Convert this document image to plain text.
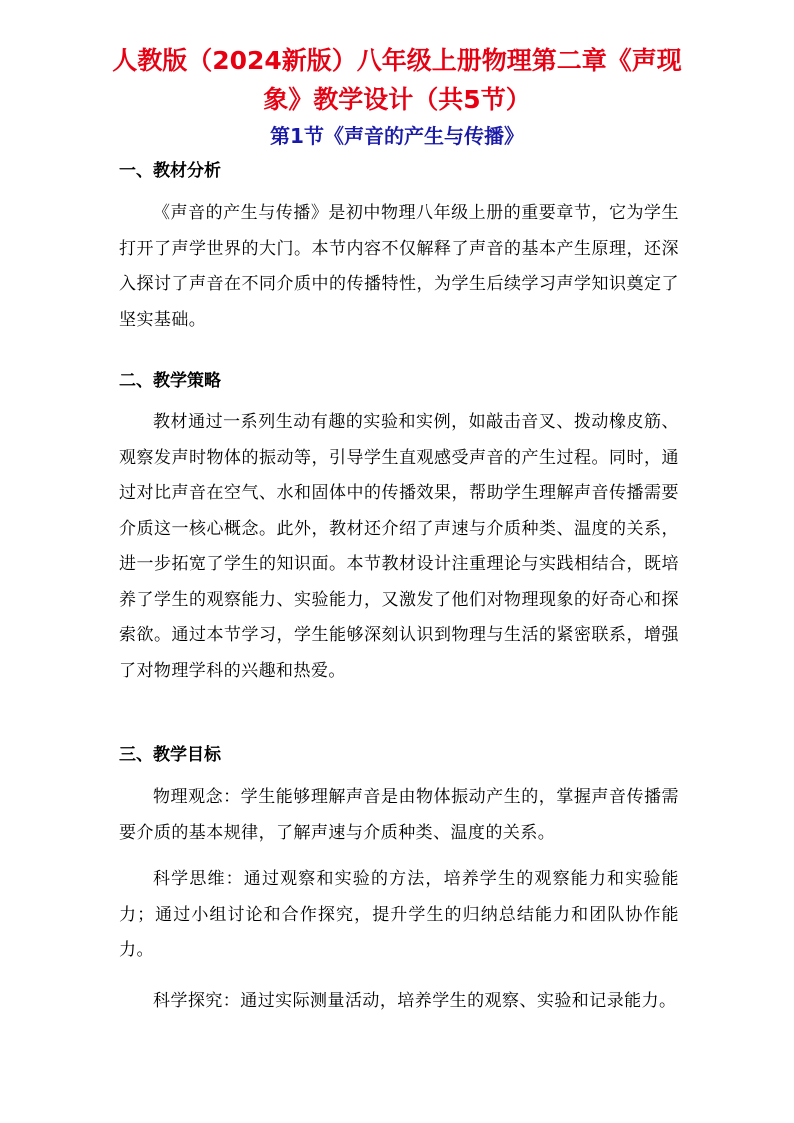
人教版（2024新版）八年级上册物理第二章《声现象》教学设计（共5节）
第1节《声音的产生与传播》
一、教材分析

《声音的产生与传播》是初中物理八年级上册的重要章节，它为学生打开了声学世界的大门。本节内容不仅解释了声音的基本产生原理，还深入探讨了声音在不同介质中的传播特性，为学生后续学习声学知识奠定了坚实基础。

二、教学策略

教材通过一系列生动有趣的实验和实例，如敲击音叉、拨动橡皮筋、观察发声时物体的振动等，引导学生直观感受声音的产生过程。同时，通过对比声音在空气、水和固体中的传播效果，帮助学生理解声音传播需要介质这一核心概念。此外，教材还介绍了声速与介质种类、温度的关系，进一步拓宽了学生的知识面。本节教材设计注重理论与实践相结合，既培养了学生的观察能力、实验能力，又激发了他们对物理现象的好奇心和探索欲。通过本节学习，学生能够深刻认识到物理与生活的紧密联系，增强了对物理学科的兴趣和热爱。

三、教学目标

物理观念：学生能够理解声音是由物体振动产生的，掌握声音传播需要介质的基本规律，了解声速与介质种类、温度的关系。

科学思维：通过观察和实验的方法，培养学生的观察能力和实验能力；通过小组讨论和合作探究，提升学生的归纳总结能力和团队协作能力。

科学探究：通过实际测量活动，培养学生的观察、实验和记录能力。
